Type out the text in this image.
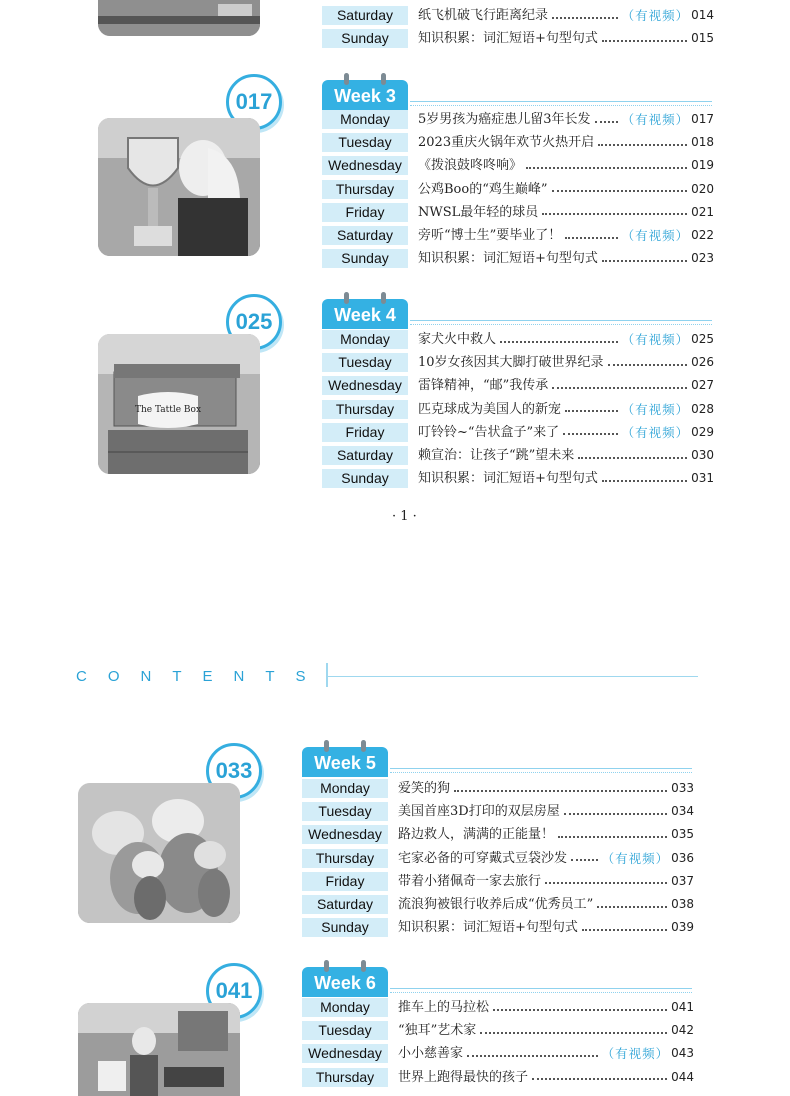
Saturday	纸飞机破飞行距离纪录	（有视频） 014
Sunday	知识积累：词汇短语+句型句式	015
017	Week 3
Monday	5岁男孩为癌症患儿留3年长发 （有视频） 017
Tuesday	2023重庆火锅年欢节火热开启	018
Wednesday	《拨浪鼓咚咚响》	019
Thursday	公鸡Boo的“鸡生巅峰”	020
Friday	NWSL最年轻的球员	021
Saturday	旁听“博士生”要毕业了！	（有视频） 022
Sunday	知识积累：词汇短语+句型句式	023
025	Week 4
The Tattle Box
Monday	家犬火中救人	（有视频） 025
Tuesday	10岁女孩因其大脚打破世界纪录	026
Wednesday	雷锋精神，“邮”我传承	027
Thursday	匹克球成为美国人的新宠	（有视频） 028
Friday	叮铃铃~“告状盒子”来了	（有视频） 029
Saturday	赖宣治：让孩子“跳”望未来	030
Sunday	知识积累：词汇短语+句型句式	031
· 1 ·
CONTENTS
033	Week 5
Monday	爱笑的狗	033
Tuesday	美国首座3D打印的双层房屋	034
Wednesday	路边救人，满满的正能量！	035
Thursday	宅家必备的可穿戴式豆袋沙发	（有视频） 036
Friday	带着小猪佩奇一家去旅行	037
Saturday	流浪狗被银行收养后成“优秀员工”	038
Sunday	知识积累：词汇短语+句型句式	039
041	Week 6
Monday	推车上的马拉松	041
Tuesday	“独耳”艺术家	042
Wednesday	小小慈善家	（有视频） 043
Thursday	世界上跑得最快的孩子	044
